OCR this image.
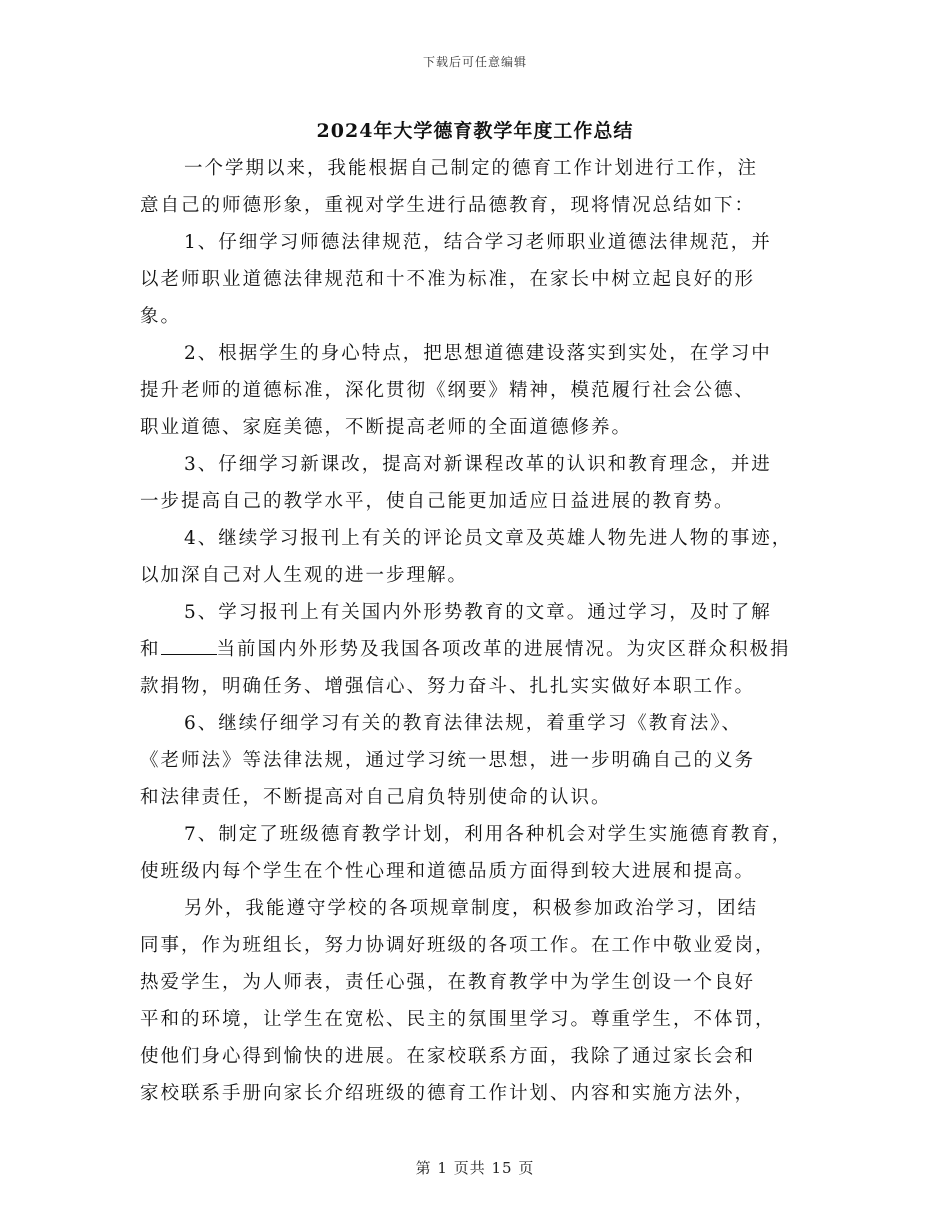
下载后可任意编辑
2024年大学德育教学年度工作总结
一个学期以来，我能根据自己制定的德育工作计划进行工作，注
意自己的师德形象，重视对学生进行品德教育，现将情况总结如下：
1、仔细学习师德法律规范，结合学习老师职业道德法律规范，并
以老师职业道德法律规范和十不准为标准，在家长中树立起良好的形
象。
2、根据学生的身心特点，把思想道德建设落实到实处，在学习中
提升老师的道德标准，深化贯彻《纲要》精神，模范履行社会公德、
职业道德、家庭美德，不断提高老师的全面道德修养。
3、仔细学习新课改，提高对新课程改革的认识和教育理念，并进
一步提高自己的教学水平，使自己能更加适应日益进展的教育势。
4、继续学习报刊上有关的评论员文章及英雄人物先进人物的事迹，
以加深自己对人生观的进一步理解。
5、学习报刊上有关国内外形势教育的文章。通过学习，及时了解
和	当前国内外形势及我国各项改革的进展情况。为灾区群众积极捐
款捐物，明确任务、增强信心、努力奋斗、扎扎实实做好本职工作。
6、继续仔细学习有关的教育法律法规，着重学习《教育法》、
《老师法》等法律法规，通过学习统一思想，进一步明确自己的义务
和法律责任，不断提高对自己肩负特别使命的认识。
7、制定了班级德育教学计划，利用各种机会对学生实施德育教育，
使班级内每个学生在个性心理和道德品质方面得到较大进展和提高。
另外，我能遵守学校的各项规章制度，积极参加政治学习，团结
同事，作为班组长，努力协调好班级的各项工作。在工作中敬业爱岗，
热爱学生，为人师表，责任心强，在教育教学中为学生创设一个良好
平和的环境，让学生在宽松、民主的氛围里学习。尊重学生，不体罚，
使他们身心得到愉快的进展。在家校联系方面，我除了通过家长会和
家校联系手册向家长介绍班级的德育工作计划、内容和实施方法外，
第 1 页共 15 页
